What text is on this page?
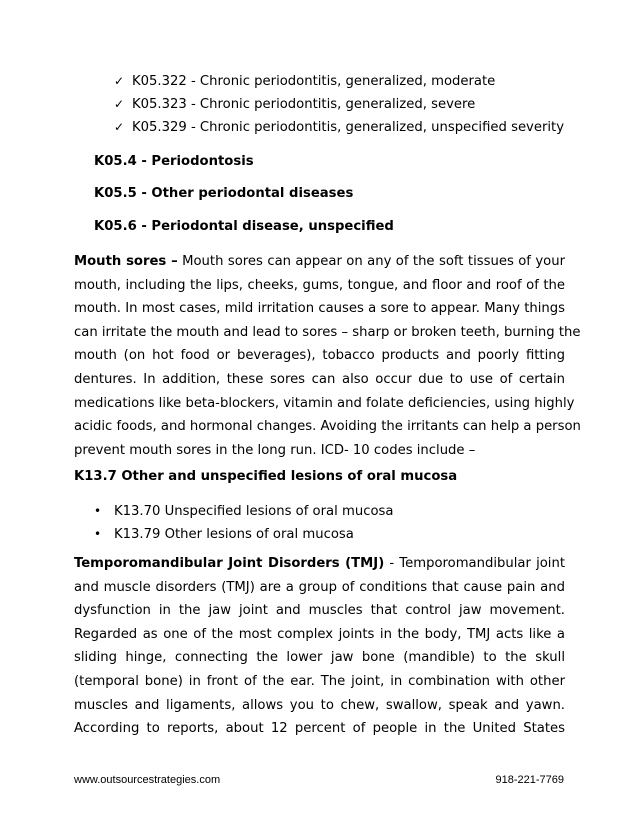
✓ K05.322 - Chronic periodontitis, generalized, moderate
✓ K05.323 - Chronic periodontitis, generalized, severe
✓ K05.329 - Chronic periodontitis, generalized, unspecified severity
K05.4 - Periodontosis
K05.5 - Other periodontal diseases
K05.6 - Periodontal disease, unspecified
Mouth sores – Mouth sores can appear on any of the soft tissues of your
mouth, including the lips, cheeks, gums, tongue, and floor and roof of the
mouth. In most cases, mild irritation causes a sore to appear. Many things
can irritate the mouth and lead to sores – sharp or broken teeth, burning the
mouth (on hot food or beverages), tobacco products and poorly fitting
dentures. In addition, these sores can also occur due to use of certain
medications like beta-blockers, vitamin and folate deficiencies, using highly
acidic foods, and hormonal changes. Avoiding the irritants can help a person
prevent mouth sores in the long run. ICD- 10 codes include –
K13.7 Other and unspecified lesions of oral mucosa
• K13.70 Unspecified lesions of oral mucosa
• K13.79 Other lesions of oral mucosa
Temporomandibular Joint Disorders (TMJ) - Temporomandibular joint
and muscle disorders (TMJ) are a group of conditions that cause pain and
dysfunction in the jaw joint and muscles that control jaw movement.
Regarded as one of the most complex joints in the body, TMJ acts like a
sliding hinge, connecting the lower jaw bone (mandible) to the skull
(temporal bone) in front of the ear. The joint, in combination with other
muscles and ligaments, allows you to chew, swallow, speak and yawn.
According to reports, about 12 percent of people in the United States
www.outsourcestrategies.com	918-221-7769
